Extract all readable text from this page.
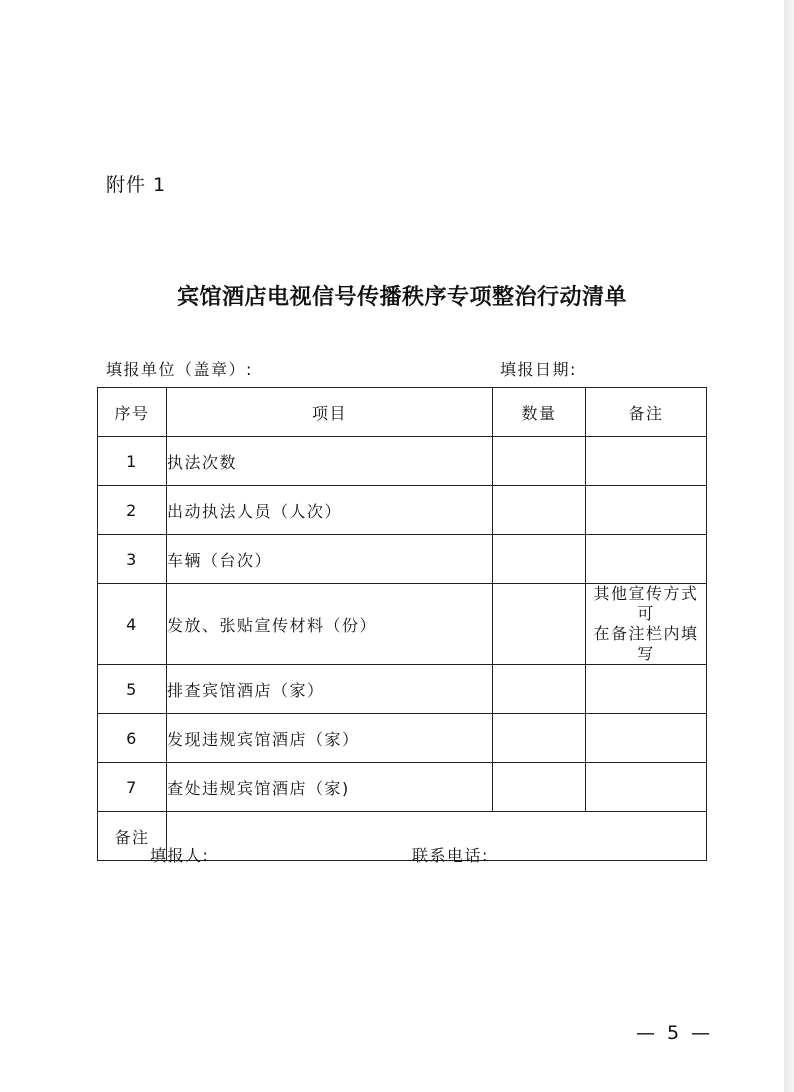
附件 1
宾馆酒店电视信号传播秩序专项整治行动清单
填报单位（盖章）:	填报日期:
序号	项目	数量	备注
1	执法次数		
2	出动执法人员（人次）		
3	车辆（台次）		
4	发放、张贴宣传材料（份）		其他宣传方式可
在备注栏内填写

5	排查宾馆酒店（家）		
6	发现违规宾馆酒店（家）		
7	查处违规宾馆酒店（家)		
备注			
填报人:	联系电话:
— 5 —
